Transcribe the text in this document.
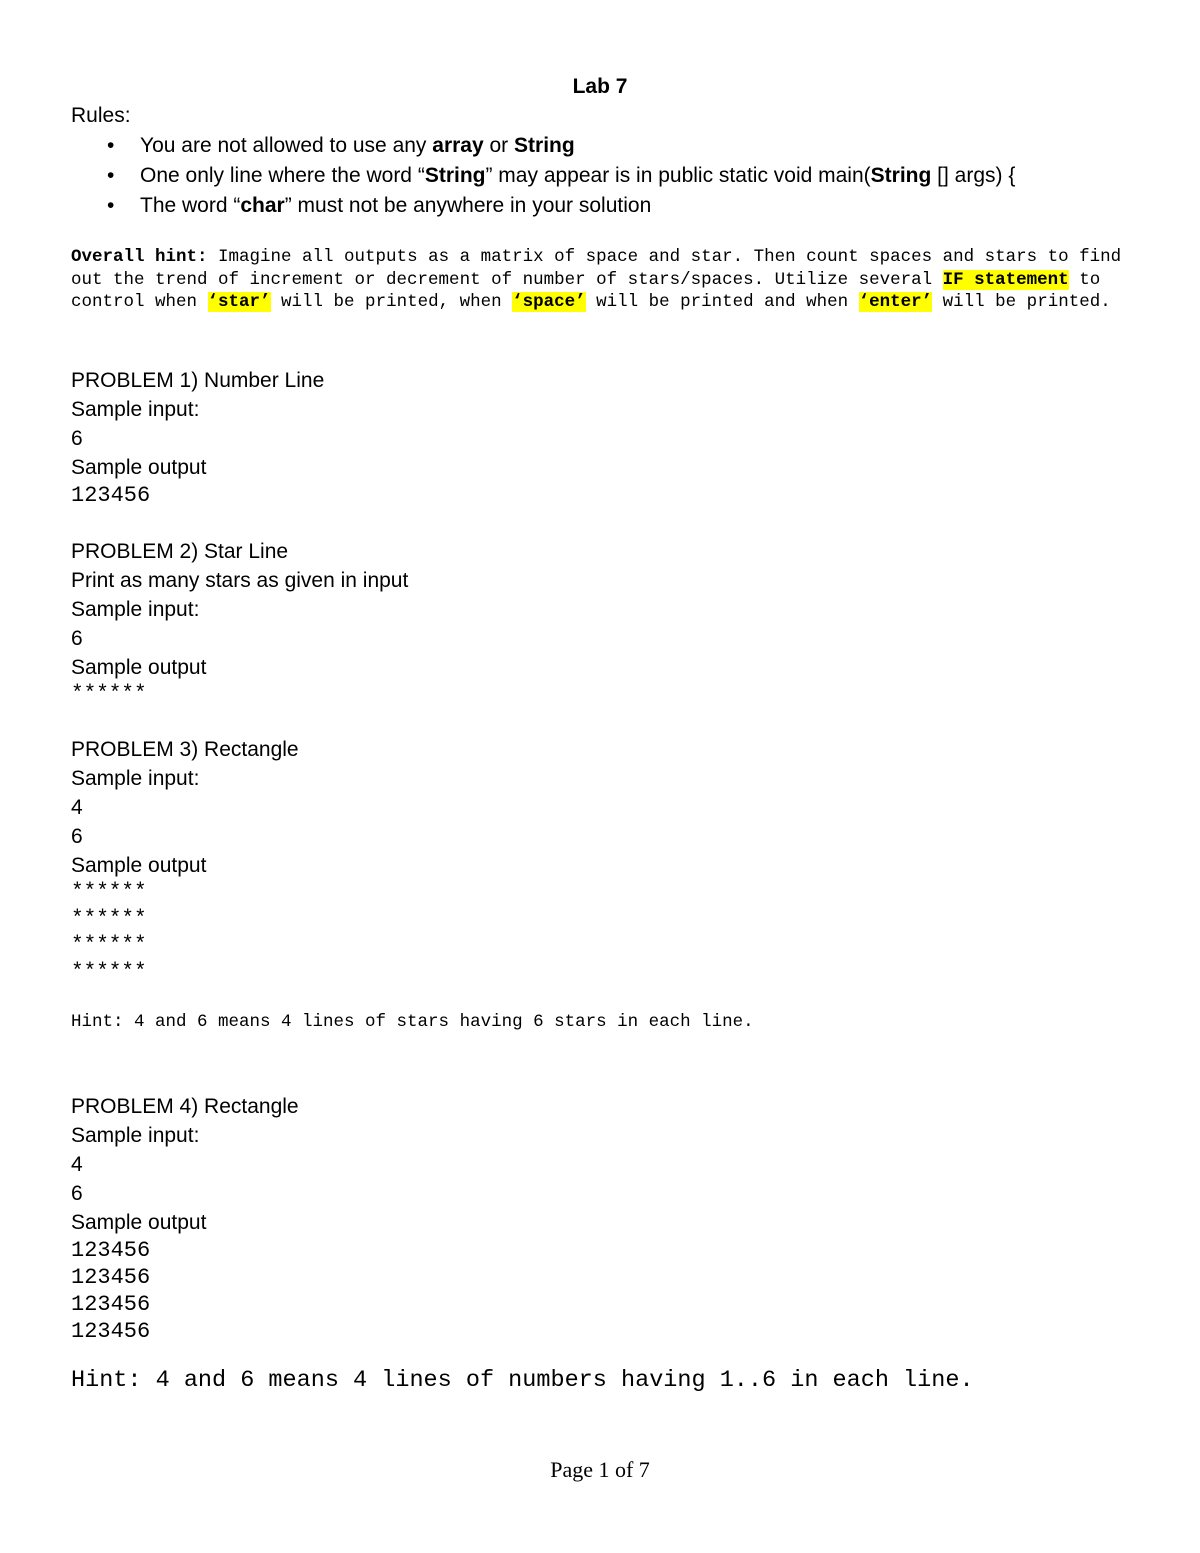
Lab 7

Rules:

• You are not allowed to use any array or String
• One only line where the word “String” may appear is in public static void main(String [] args) {
• The word “char” must not be anywhere in your solution

Overall hint: Imagine all outputs as a matrix of space and star. Then count spaces and stars to find out the trend of increment or decrement of number of stars/spaces. Utilize several IF statement to control when ‘star’ will be printed, when ‘space’ will be printed and when ‘enter’ will be printed.

PROBLEM 1) Number Line

Sample input:

6

Sample output

123456

PROBLEM 2) Star Line

Print as many stars as given in input

Sample input:

6

Sample output

******

PROBLEM 3) Rectangle

Sample input:

4

6

Sample output

******

******

******

******

Hint: 4 and 6 means 4 lines of stars having 6 stars in each line.

PROBLEM 4) Rectangle

Sample input:

4

6

Sample output

123456

123456

123456

123456

Hint: 4 and 6 means 4 lines of numbers having 1..6 in each line.

Page 1 of 7
